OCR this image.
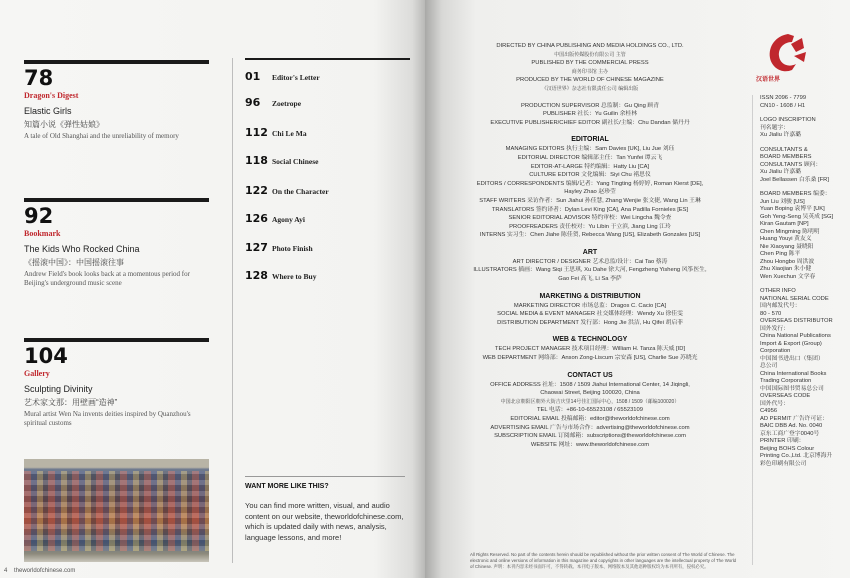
78
Dragon's Digest
Elastic Girls
知篇小说《弹性姑娘》
A tale of Old Shanghai and the unreliability of memory
92
Bookmark
The Kids Who Rocked China
《摇滚中国》：中国摇滚往事
Andrew Field's book looks back at a momentous period for Beijing's underground music scene
104
Gallery
Sculpting Divinity
艺术家文那：用壁画“造神”
Mural artist Wen Na invents deities inspired by Quanzhou's spiritual customs
4 theworldofchinese.com
01	Editor's Letter
96	Zoetrope
112 Chi Le Ma
118 Social Chinese
122 On the Character
126 Agony Ayi
127 Photo Finish
128 Where to Buy
WANT MORE LIKE THIS?
You can find more written, visual, and audio content on our website, theworldofchinese.com, which is updated daily with news, analysis, language lessons, and more!
DIRECTED BY CHINA PUBLISHING AND MEDIA HOLDINGS CO., LTD.
中国出版传媒股份有限公司 主管
PUBLISHED BY THE COMMERCIAL PRESS
商务印书馆 主办
PRODUCED BY THE WORLD OF CHINESE MAGAZINE
《汉语世界》杂志社有限责任公司 编辑出版
PRODUCTION SUPERVISOR 总监制：Gu Qing 顾青
PUBLISHER 社长：Yu Guilin 余桂林
EXECUTIVE PUBLISHER/CHIEF EDITOR 副社长/主编：Chu Dandan 储丹丹
EDITORIAL
MANAGING EDITORS 执行主编：Sam Davies [UK], Liu Jue 刘珏
EDITORIAL DIRECTOR 编辑部主任：Tan Yunfei 谭云飞
EDITOR-AT-LARGE 特约编辑：Hatty Liu [CA]
CULTURE EDITOR 文化编辑：Siyi Chu 褚思仪
EDITORS / CORRESPONDENTS 编辑/记者：Yang Tingting 杨婷婷, Roman Kierst [DE],
Hayley Zhao 赵珍莹
STAFF WRITERS 采访作者：Sun Jiahui 孙佳慧, Zhang Wenjie 张文捷, Wang Lin 王琳
TRANSLATORS 签约译者：Dylan Levi King [CA], Ana Padilla Fornieles [ES]
SENIOR EDITORIAL ADVISOR 特约审校：Wei Lingcha 魏令查
PROOFREADERS 责任校对：Yu Libin 于立滨, Jiang Ling 江玲
INTERNS 实习生：Chen Jiahe 陈佳贺, Rebecca Wang [US], Elizabeth Gonzales [US]
ART
ART DIRECTOR / DESIGNER 艺术总监/设计：Cai Tao 蔡涛
ILLUSTRATORS 插画：Wang Siqi 王思琪, Xu Dahe 徐大河, Fengzheng Yisheng 风筝医生,
Gao Fei 高飞, Li Sa 李萨
MARKETING & DISTRIBUTION
MARKETING DIRECTOR 市场总监：Dragos C. Cacio [CA]
SOCIAL MEDIA & EVENT MANAGER 社交媒体经理：Wendy Xu 徐佳雯
DISTRIBUTION DEPARTMENT 发行部：Hong Jie 洪洁, Hu Qifei 胡启菲
WEB & TECHNOLOGY
TECH PROJECT MANAGER 技术项目经理：William H. Tanza 陈天威 [ID]
WEB DEPARTMENT 网络部：Anson Zong-Liscum 宗安森 [US], Charlie Sue 苏晓光
CONTACT US
OFFICE ADDRESS 社址：1508 / 1509 Jiahui International Center, 14 Jiqingli,
Chaowai Street, Beijing 100020, China
中国北京朝阳区朝外大街吉庆里14号佳汇国际中心，1508 / 1509（邮编100020）
TEL 电话：+86-10-65523108 / 65523109
EDITORIAL EMAIL 投稿邮箱：editor@theworldofchinese.com
ADVERTISING EMAIL 广告与市场合作：advertising@theworldofchinese.com
SUBSCRIPTION EMAIL 订阅邮箱：subscriptions@theworldofchinese.com
WEBSITE 网址：www.theworldofchinese.com
All Rights Reserved. No part of the contents herein should be republished without the prior written consent of The World of Chinese. The electronic and online versions of information in this magazine and copyrights in other languages are the intellectual property of The World of Chinese. 声明：本刊内容未经书面许可，不得转载。本刊电子版本、网络版本及其他语种版权均为本刊所有，侵权必究。
汉语世界
ISSN 2096 - 7799
CN10 - 1608 / H1
LOGO INSCRIPTION
刊名题字：
Xu Jialiu 许嘉璐
CONSULTANTS &
BOARD MEMBERS
CONSULTANTS 顾问：
Xu Jialiu 许嘉璐
Joel Bellassen 白乐桑 [FR]
BOARD MEMBERS 编委：
Jun Liu 刘骏 [US]
Yuan Boping 袁博平 [UK]
Goh Yeng-Seng 吴英成 [SG]
Kiran Gautam [NP]
Chen Mingming 陈明明
Huang Youyi 黄友义
Nie Xiaoyang 聂晓阳
Chen Ping 陈平
Zhou Hongbo 周洪波
Zhu Xiaojian 朱小健
Wen Xuechun 文学春
OTHER INFO
NATIONAL SERIAL CODE
国内邮发代号：
80 - 570
OVERSEAS DISTRIBUTOR
国外发行：
China National Publications
Import & Export (Group)
Corporation
中国图书进出口（集团）
总公司
China International Books
Trading Corporation
中国国际图书贸易总公司
OVERSEAS CODE
国外代号：
C4956
AD PERMIT 广告许可证：
BAIC DBB Ad. No. 0040
京东工商广登字0040号
PRINTER 印刷：
Beijing BOHS Colour
Printing Co.,Ltd. 北京博海升
彩色印刷有限公司
